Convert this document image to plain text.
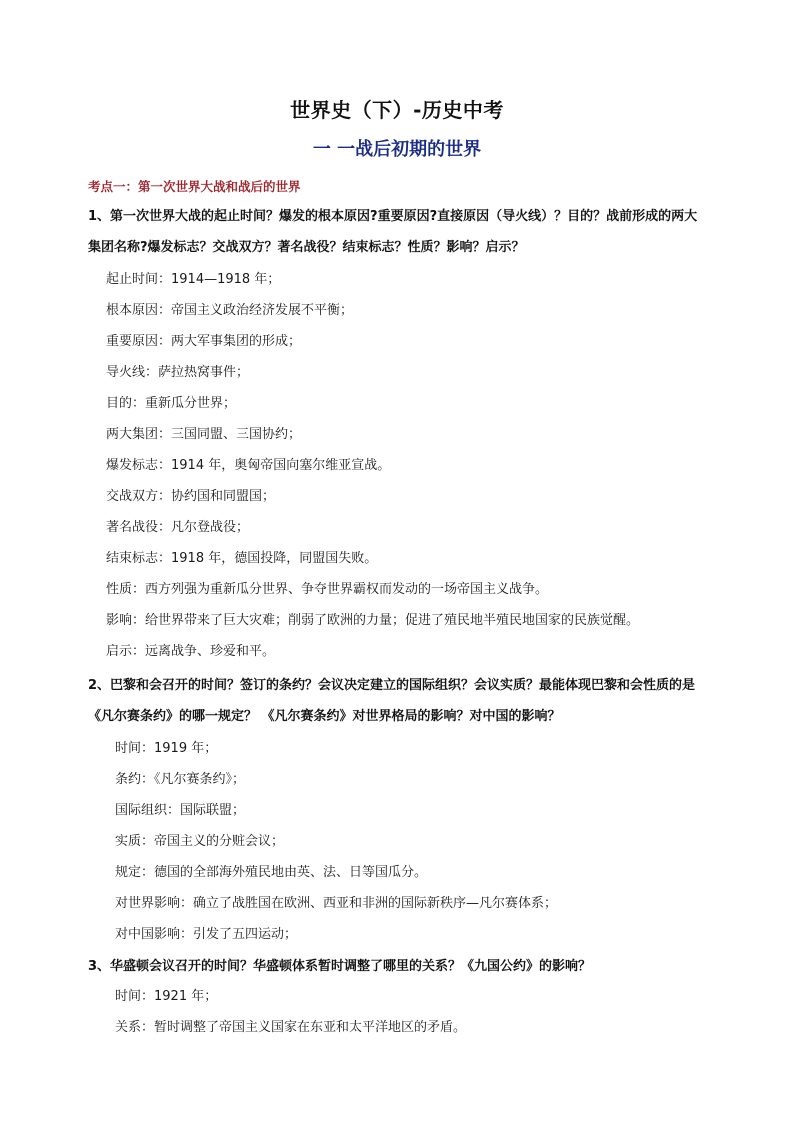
世界史（下）-历史中考
一 一战后初期的世界
考点一：第一次世界大战和战后的世界
1、第一次世界大战的起止时间？爆发的根本原因?重要原因?直接原因（导火线）？目的？战前形成的两大集团名称?爆发标志？交战双方？著名战役？结束标志？性质？影响？启示？
起止时间：1914—1918 年；
根本原因：帝国主义政治经济发展不平衡；
重要原因：两大军事集团的形成；
导火线：萨拉热窝事件；
目的：重新瓜分世界；
两大集团：三国同盟、三国协约；
爆发标志：1914 年，奥匈帝国向塞尔维亚宣战。
交战双方：协约国和同盟国；
著名战役：凡尔登战役；
结束标志：1918 年，德国投降，同盟国失败。
性质：西方列强为重新瓜分世界、争夺世界霸权而发动的一场帝国主义战争。
影响：给世界带来了巨大灾难；削弱了欧洲的力量；促进了殖民地半殖民地国家的民族觉醒。
启示：远离战争、珍爱和平。
2、巴黎和会召开的时间？签订的条约？会议决定建立的国际组织？会议实质？最能体现巴黎和会性质的是《凡尔赛条约》的哪一规定？ 《凡尔赛条约》对世界格局的影响？对中国的影响？
时间：1919 年；
条约：《凡尔赛条约》；
国际组织：国际联盟；
实质：帝国主义的分赃会议；
规定：德国的全部海外殖民地由英、法、日等国瓜分。
对世界影响：确立了战胜国在欧洲、西亚和非洲的国际新秩序—凡尔赛体系；
对中国影响：引发了五四运动；
3、华盛顿会议召开的时间？华盛顿体系暂时调整了哪里的关系？《九国公约》的影响？
时间：1921 年；
关系：暂时调整了帝国主义国家在东亚和太平洋地区的矛盾。
